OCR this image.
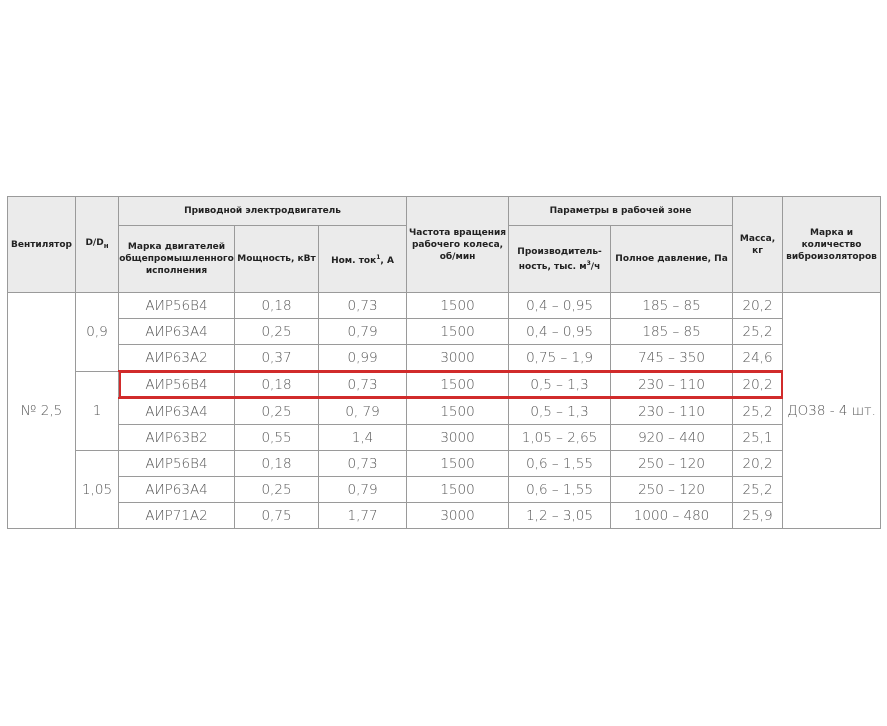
Вентилятор	$D/D_н$	Приводной электродвигатель			Частота вращения рабочего колеса, об/мин	Параметры в рабочей зоне		Масса, кг	Марка и количество виброизоляторов
		Марка двигателей общепромышленного исполнения	Мощность, кВт	Ном. ток$^1$, А		Производитель-ность, тыс. $м^3/ч$	Полное давление, Па		
№ 2,5	0,9	АИР56В4	0,18	0,73	1500	0,4 – 0,95	185 – 85	20,2	ДО38 - 4 шт.
		АИР63А4	0,25	0,79	1500	0,4 – 0,95	185 – 85	25,2	
		АИР63А2	0,37	0,99	3000	0,75 – 1,9	745 – 350	24,6	
	1	АИР56В4	0,18	0,73	1500	0,5 – 1,3	230 – 110	20,2	
		АИР63А4	0,25	0, 79	1500	0,5 – 1,3	230 – 110	25,2	
		АИР63В2	0,55	1,4	3000	1,05 – 2,65	920 – 440	25,1	
	1,05	АИР56В4	0,18	0,73	1500	0,6 – 1,55	250 – 120	20,2	
		АИР63А4	0,25	0,79	1500	0,6 – 1,55	250 – 120	25,2	
		АИР71А2	0,75	1,77	3000	1,2 – 3,05	1000 – 480	25,9	
